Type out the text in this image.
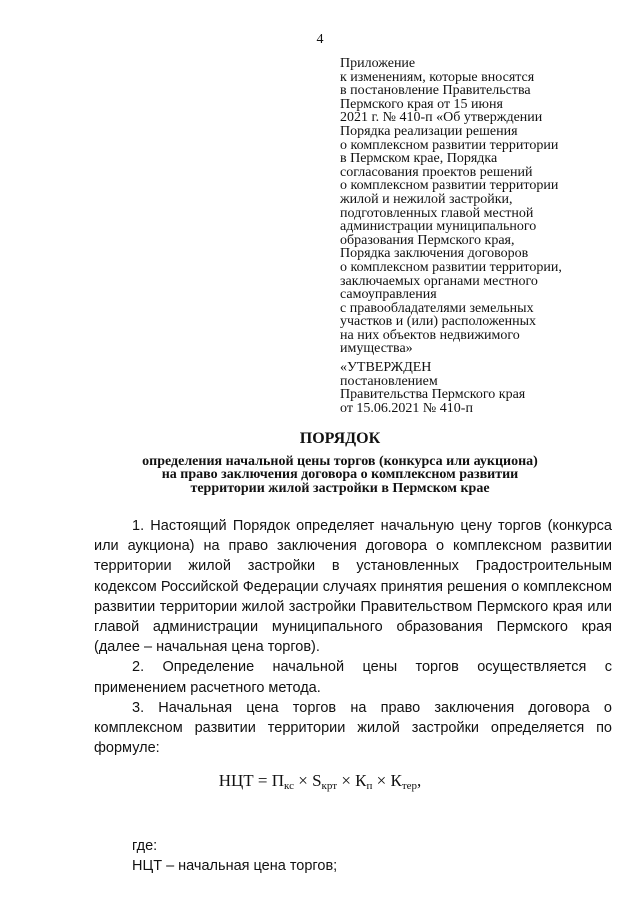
4
Приложение
к изменениям, которые вносятся
в постановление Правительства
Пермского края от 15 июня
2021 г. № 410-п «Об утверждении
Порядка реализации решения
о комплексном развитии территории
в Пермском крае, Порядка
согласования проектов решений
о комплексном развитии территории
жилой и нежилой застройки,
подготовленных главой местной
администрации муниципального
образования Пермского края,
Порядка заключения договоров
о комплексном развитии территории,
заключаемых органами местного
самоуправления
с правообладателями земельных
участков и (или) расположенных
на них объектов недвижимого
имущества»
«УТВЕРЖДЕН
постановлением
Правительства Пермского края
от 15.06.2021 № 410-п
ПОРЯДОК
определения начальной цены торгов (конкурса или аукциона)
на право заключения договора о комплексном развитии
территории жилой застройки в Пермском крае
1. Настоящий Порядок определяет начальную цену торгов (конкурса или аукциона) на право заключения договора о комплексном развитии территории жилой застройки в установленных Градостроительным кодексом Российской Федерации случаях принятия решения о комплексном развитии территории жилой застройки Правительством Пермского края или главой администрации муниципального образования Пермского края (далее – начальная цена торгов).
2. Определение начальной цены торгов осуществляется с применением расчетного метода.
3. Начальная цена торгов на право заключения договора о комплексном развитии территории жилой застройки определяется по формуле:
НЦТ = $П_{кс} \times S_{крт} \times К_п \times К_{тер}$,
где:
НЦТ – начальная цена торгов;
